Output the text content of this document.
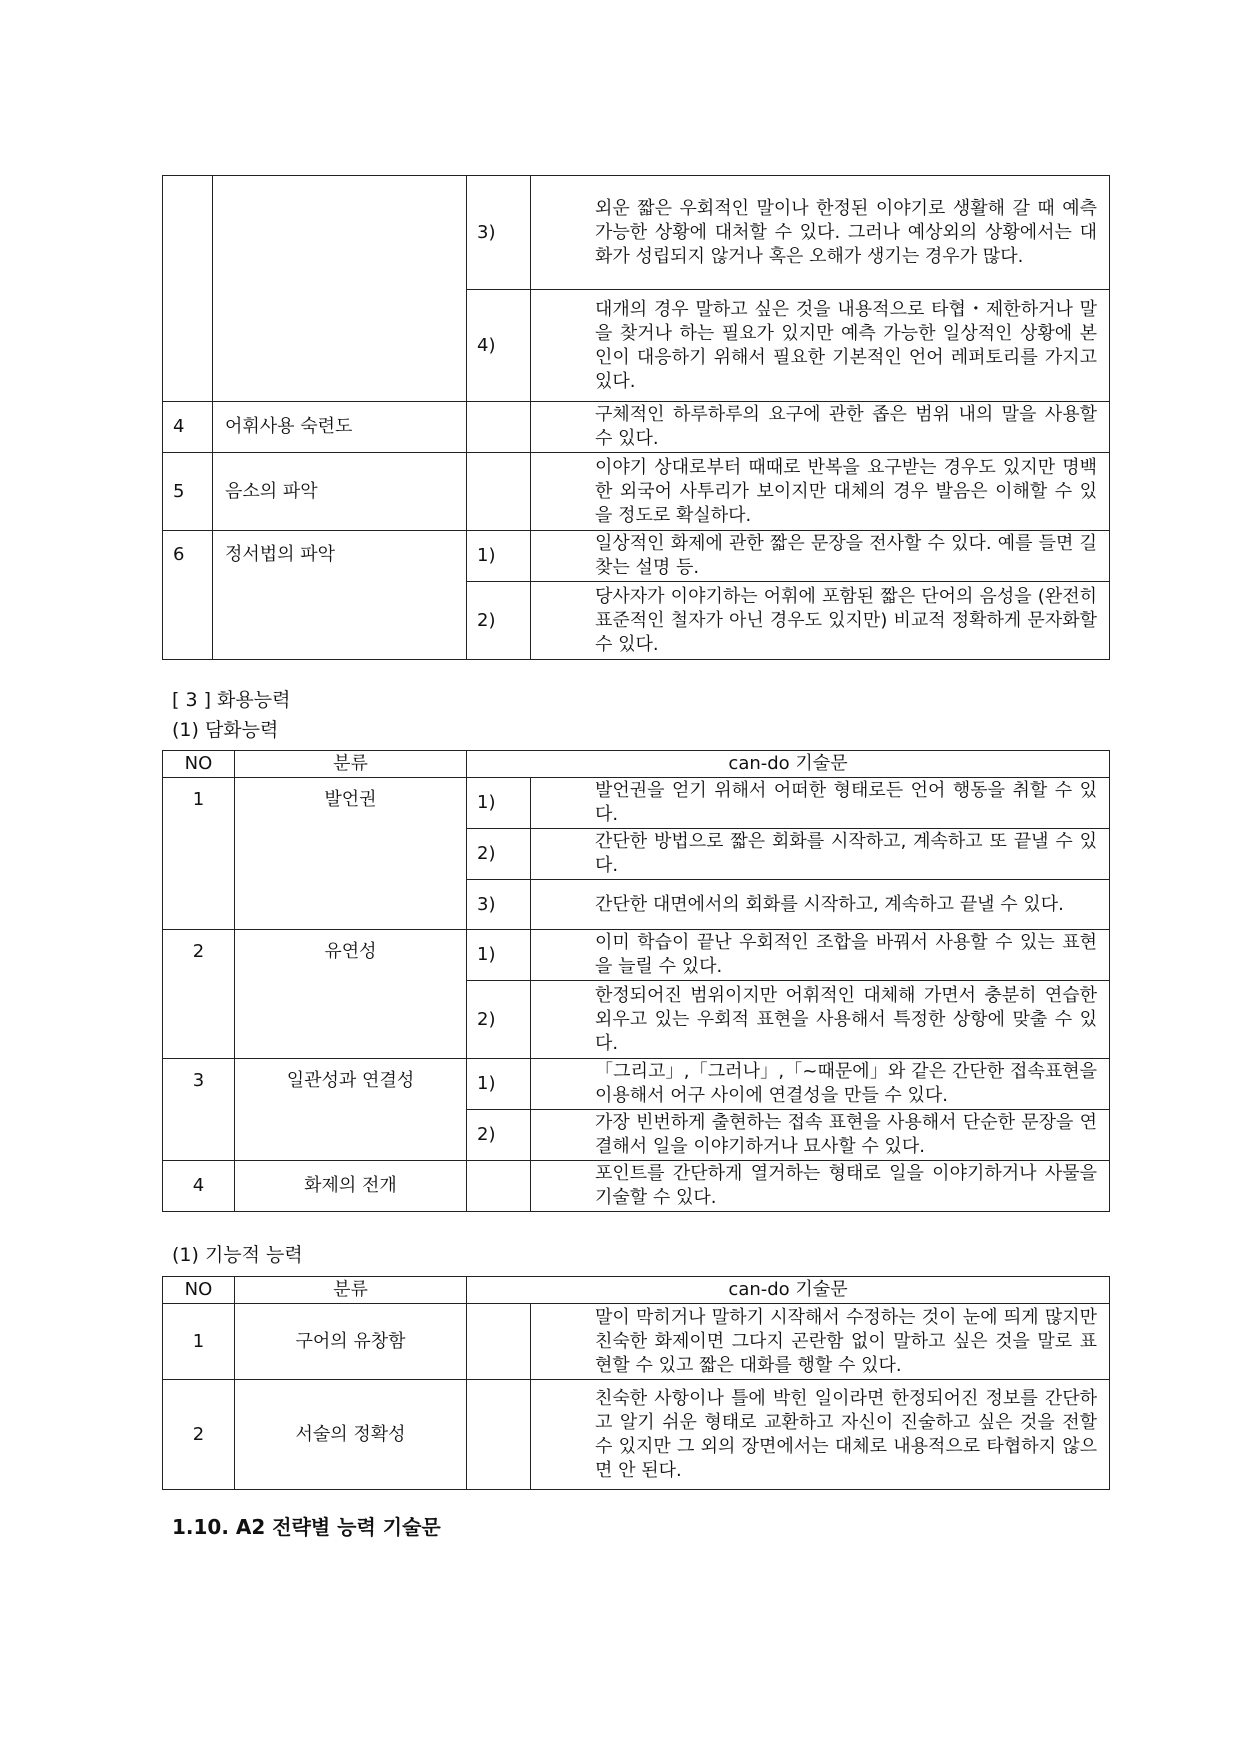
		3)	외운 짧은 우회적인 말이나 한정된 이야기로 생활해 갈 때 예측 가능한 상황에 대처할 수 있다. 그러나 예상외의 상황에서는 대화가 성립되지 않거나 혹은 오해가 생기는 경우가 많다.
		4)	대개의 경우 말하고 싶은 것을 내용적으로 타협・제한하거나 말을 찾거나 하는 필요가 있지만 예측 가능한 일상적인 상황에 본인이 대응하기 위해서 필요한 기본적인 언어 레퍼토리를 가지고 있다.
4	어휘사용 숙련도		구체적인 하루하루의 요구에 관한 좁은 범위 내의 말을 사용할 수 있다.
5	음소의 파악		이야기 상대로부터 때때로 반복을 요구받는 경우도 있지만 명백한 외국어 사투리가 보이지만 대체의 경우 발음은 이해할 수 있을 정도로 확실하다.
6	정서법의 파악	1)	일상적인 화제에 관한 짧은 문장을 전사할 수 있다. 예를 들면 길 찾는 설명 등.
		2)	당사자가 이야기하는 어휘에 포함된 짧은 단어의 음성을 (완전히 표준적인 철자가 아닌 경우도 있지만) 비교적 정확하게 문자화할 수 있다.
[ 3 ] 화용능력
(1) 담화능력
NO	분류	can-do 기술문	
1	발언권	1)	발언권을 얻기 위해서 어떠한 형태로든 언어 행동을 취할 수 있다.
		2)	간단한 방법으로 짧은 회화를 시작하고, 계속하고 또 끝낼 수 있다.
		3)	간단한 대면에서의 회화를 시작하고, 계속하고 끝낼 수 있다.
2	유연성	1)	이미 학습이 끝난 우회적인 조합을 바꿔서 사용할 수 있는 표현을 늘릴 수 있다.
		2)	한정되어진 범위이지만 어휘적인 대체해 가면서 충분히 연습한 외우고 있는 우회적 표현을 사용해서 특정한 상항에 맞출 수 있다.
3	일관성과 연결성	1)	「그리고」,「그러나」,「~때문에」와 같은 간단한 접속표현을 이용해서 어구 사이에 연결성을 만들 수 있다.
		2)	가장 빈번하게 출현하는 접속 표현을 사용해서 단순한 문장을 연결해서 일을 이야기하거나 묘사할 수 있다.
4	화제의 전개		포인트를 간단하게 열거하는 형태로 일을 이야기하거나 사물을 기술할 수 있다.
(1) 기능적 능력
NO	분류	can-do 기술문	
1	구어의 유창함		말이 막히거나 말하기 시작해서 수정하는 것이 눈에 띄게 많지만 친숙한 화제이면 그다지 곤란함 없이 말하고 싶은 것을 말로 표현할 수 있고 짧은 대화를 행할 수 있다.
2	서술의 정확성		친숙한 사항이나 틀에 박힌 일이라면 한정되어진 정보를 간단하고 알기 쉬운 형태로 교환하고 자신이 진술하고 싶은 것을 전할 수 있지만 그 외의 장면에서는 대체로 내용적으로 타협하지 않으면 안 된다.
1.10. A2 전략별 능력 기술문
